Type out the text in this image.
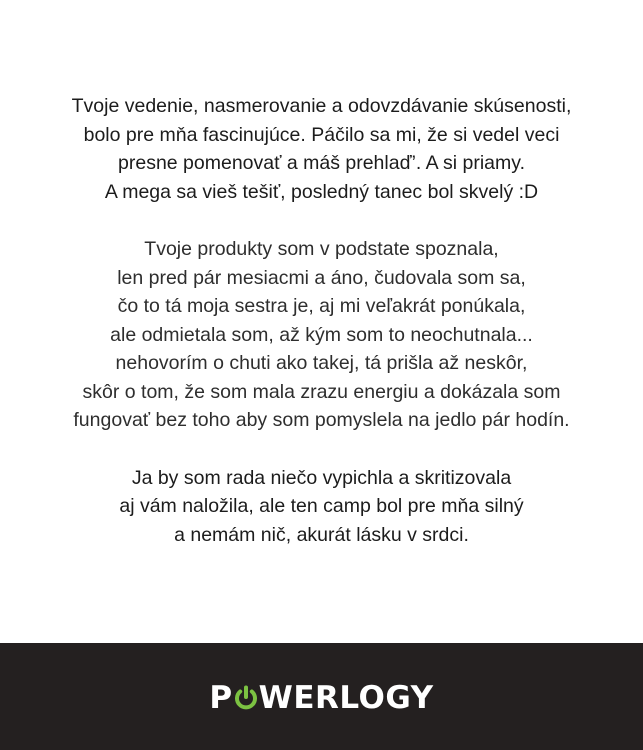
Tvoje vedenie, nasmerovanie a odovzdávanie skúsenosti,
bolo pre mňa fascinujúce. Páčilo sa mi, že si vedel veci
presne pomenovať a máš prehlaď’. A si priamy.
A mega sa vieš tešiť, posledný tanec bol skvelý :D

Tvoje produkty som v podstate spoznala,
len pred pár mesiacmi a áno, čudovala som sa,
čo to tá moja sestra je, aj mi veľakrát ponúkala,
ale odmietala som, až kým som to neochutnala...
nehovorím o chuti ako takej, tá prišla až neskôr,
skôr o tom, že som mala zrazu energiu a dokázala som
fungovať bez toho aby som pomyslela na jedlo pár hodín.

Ja by som rada niečo vypichla a skritizovala
aj vám naložila, ale ten camp bol pre mňa silný
a nemám nič, akurát lásku v srdci.

P WERLOGY
